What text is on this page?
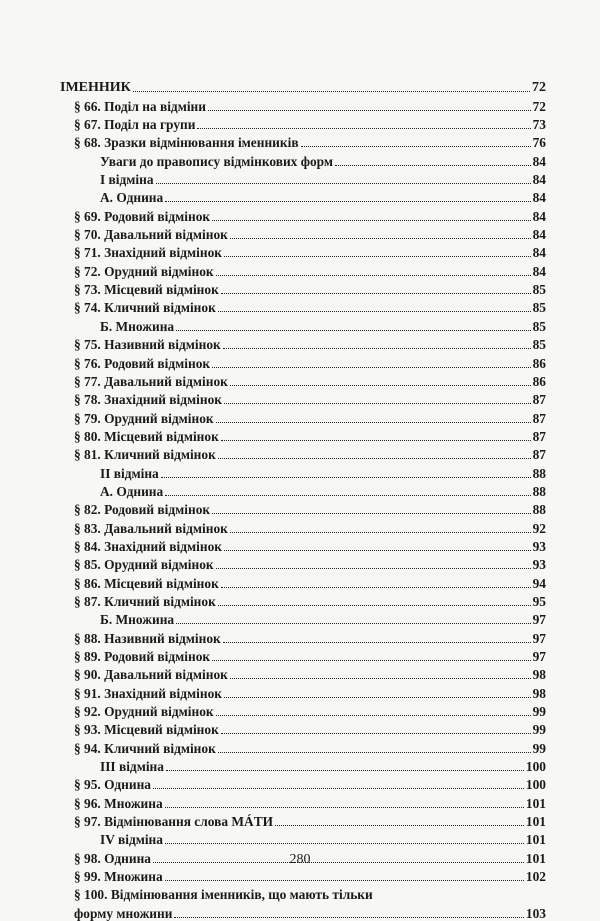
ІМЕННИК	72
§ 66. Поділ на відміни	72
§ 67. Поділ на групи	73
§ 68. Зразки відмінювання іменників	76
Уваги до правопису відмінкових форм	84
І відміна	84
А. Однина	84
§ 69. Родовий відмінок	84
§ 70. Давальний відмінок	84
§ 71. Знахідний відмінок	84
§ 72. Орудний відмінок	84
§ 73. Місцевий відмінок	85
§ 74. Кличний відмінок	85
Б. Множина	85
§ 75. Називний відмінок	85
§ 76. Родовий відмінок	86
§ 77. Давальний відмінок	86
§ 78. Знахідний відмінок	87
§ 79. Орудний відмінок	87
§ 80. Місцевий відмінок	87
§ 81. Кличний відмінок	87
ІІ відміна	88
А. Однина	88
§ 82. Родовий відмінок	88
§ 83. Давальний відмінок	92
§ 84. Знахідний відмінок	93
§ 85. Орудний відмінок	93
§ 86. Місцевий відмінок	94
§ 87. Кличний відмінок	95
Б. Множина	97
§ 88. Називний відмінок	97
§ 89. Родовий відмінок	97
§ 90. Давальний відмінок	98
§ 91. Знахідний відмінок	98
§ 92. Орудний відмінок	99
§ 93. Місцевий відмінок	99
§ 94. Кличний відмінок	99
ІІІ відміна	100
§ 95. Однина	100
§ 96. Множина	101
§ 97. Відмінювання слова МÁТИ	101
IV відміна	101
§ 98. Однина	101
§ 99. Множина	102
§ 100. Відмінювання іменників, що мають тільки
форму множини	103
280
